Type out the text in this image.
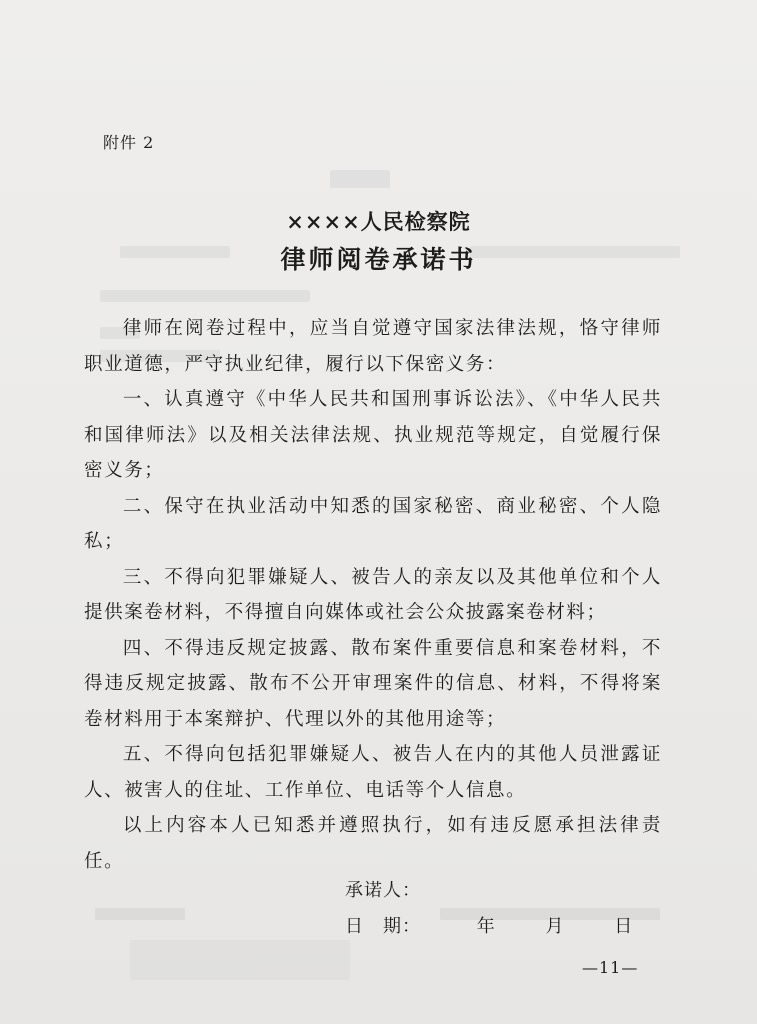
附件 2
××××人民检察院
律师阅卷承诺书

律师在阅卷过程中，应当自觉遵守国家法律法规，恪守律师职业道德，严守执业纪律，履行以下保密义务：

一、认真遵守《中华人民共和国刑事诉讼法》、《中华人民共和国律师法》以及相关法律法规、执业规范等规定，自觉履行保密义务；

二、保守在执业活动中知悉的国家秘密、商业秘密、个人隐私；

三、不得向犯罪嫌疑人、被告人的亲友以及其他单位和个人提供案卷材料，不得擅自向媒体或社会公众披露案卷材料；

四、不得违反规定披露、散布案件重要信息和案卷材料，不得违反规定披露、散布不公开审理案件的信息、材料，不得将案卷材料用于本案辩护、代理以外的其他用途等；

五、不得向包括犯罪嫌疑人、被告人在内的其他人员泄露证人、被害人的住址、工作单位、电话等个人信息。

以上内容本人已知悉并遵照执行，如有违反愿承担法律责任。

承诺人：
日　期：	年	月	日
—11—
